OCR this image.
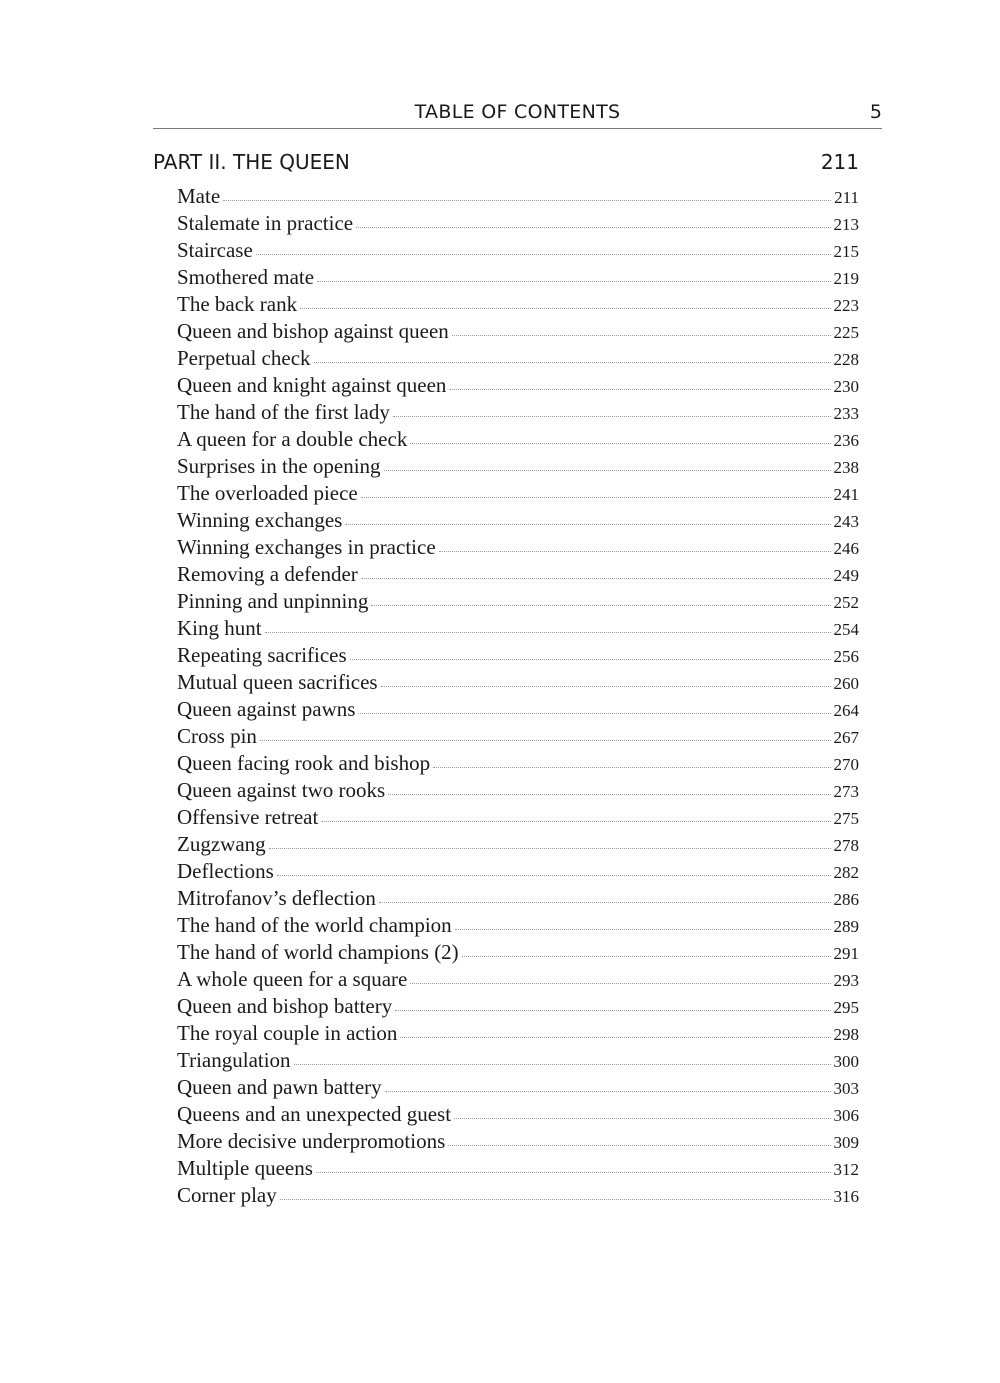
TABLE OF CONTENTS	5
PART II. THE QUEEN	211
Mate	211
Stalemate in practice	213
Staircase	215
Smothered mate	219
The back rank	223
Queen and bishop against queen	225
Perpetual check	228
Queen and knight against queen	230
The hand of the first lady	233
A queen for a double check	236
Surprises in the opening	238
The overloaded piece	241
Winning exchanges	243
Winning exchanges in practice	246
Removing a defender	249
Pinning and unpinning	252
King hunt	254
Repeating sacrifices	256
Mutual queen sacrifices	260
Queen against pawns	264
Cross pin	267
Queen facing rook and bishop	270
Queen against two rooks	273
Offensive retreat	275
Zugzwang	278
Deflections	282
Mitrofanov’s deflection	286
The hand of the world champion	289
The hand of world champions (2)	291
A whole queen for a square	293
Queen and bishop battery	295
The royal couple in action	298
Triangulation	300
Queen and pawn battery	303
Queens and an unexpected guest	306
More decisive underpromotions	309
Multiple queens	312
Corner play	316
